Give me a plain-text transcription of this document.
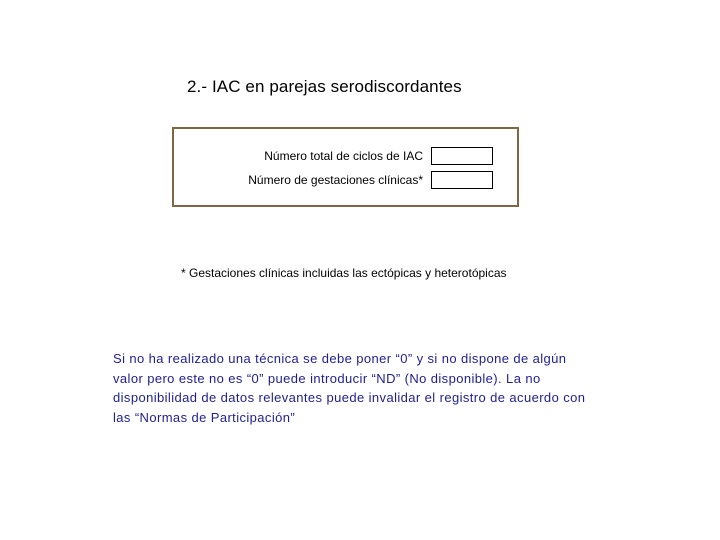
2.- IAC en parejas serodiscordantes
Número total de ciclos de IAC
Número de gestaciones clínicas*
* Gestaciones clínicas incluidas las ectópicas y heterotópicas
Si no ha realizado una técnica se debe poner “0” y si no dispone de algún valor pero este no es “0” puede introducir “ND” (No disponible). La no disponibilidad de datos relevantes puede invalidar el registro de acuerdo con las “Normas de Participación”
